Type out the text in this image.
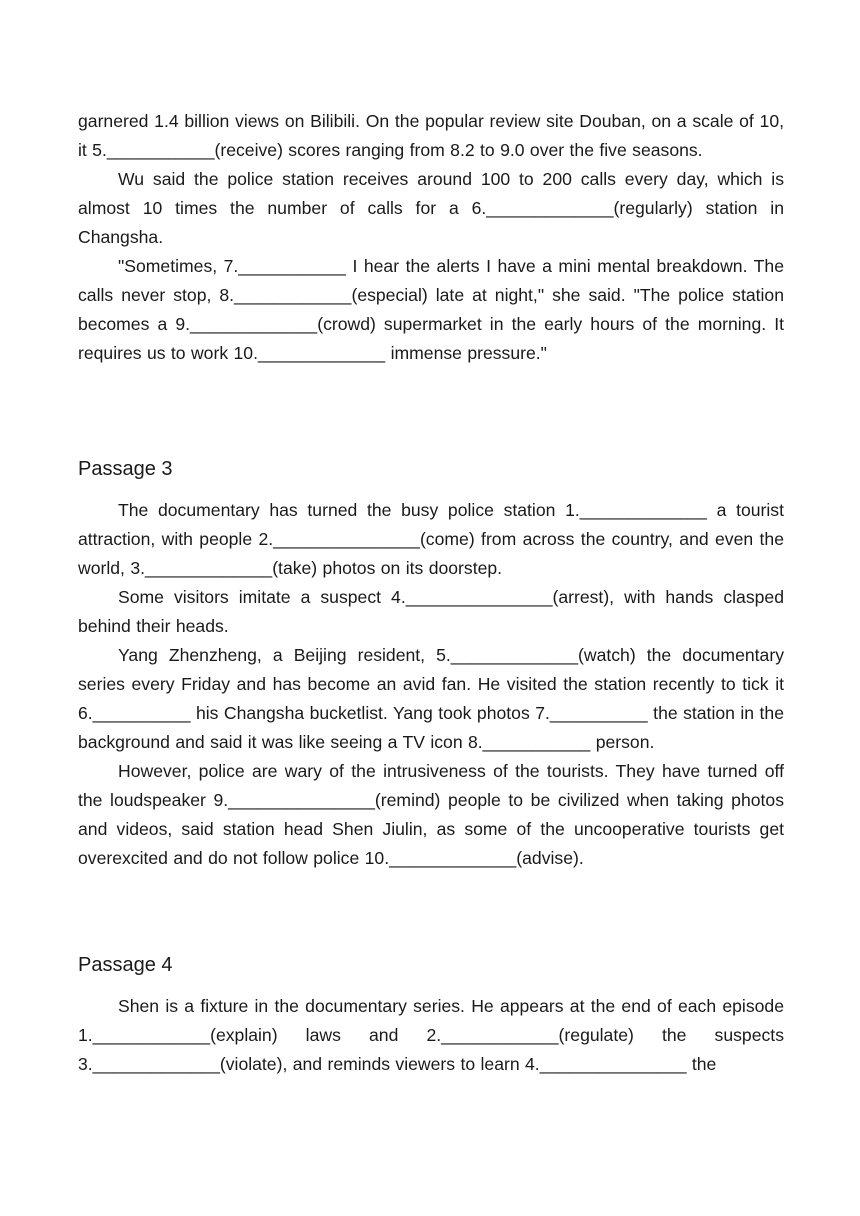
garnered 1.4 billion views on Bilibili. On the popular review site Douban, on a scale of 10, it 5.___________(receive) scores ranging from 8.2 to 9.0 over the five seasons.

Wu said the police station receives around 100 to 200 calls every day, which is almost 10 times the number of calls for a 6._____________(regularly) station in Changsha.

"Sometimes, 7.___________ I hear the alerts I have a mini mental breakdown. The calls never stop, 8.____________(especial) late at night," she said. "The police station becomes a 9._____________(crowd) supermarket in the early hours of the morning. It requires us to work 10._____________ immense pressure."

Passage 3

The documentary has turned the busy police station 1._____________ a tourist attraction, with people 2._______________(come) from across the country, and even the world, 3._____________(take) photos on its doorstep.

Some visitors imitate a suspect 4._______________(arrest), with hands clasped behind their heads.

Yang Zhenzheng, a Beijing resident, 5._____________(watch) the documentary series every Friday and has become an avid fan. He visited the station recently to tick it 6.__________ his Changsha bucketlist. Yang took photos 7.__________ the station in the background and said it was like seeing a TV icon 8.___________ person.

However, police are wary of the intrusiveness of the tourists. They have turned off the loudspeaker 9._______________(remind) people to be civilized when taking photos and videos, said station head Shen Jiulin, as some of the uncooperative tourists get overexcited and do not follow police 10._____________(advise).

Passage 4

Shen is a fixture in the documentary series. He appears at the end of each episode 1.____________(explain) laws and 2.____________(regulate) the suspects 3._____________(violate), and reminds viewers to learn 4._______________ the
